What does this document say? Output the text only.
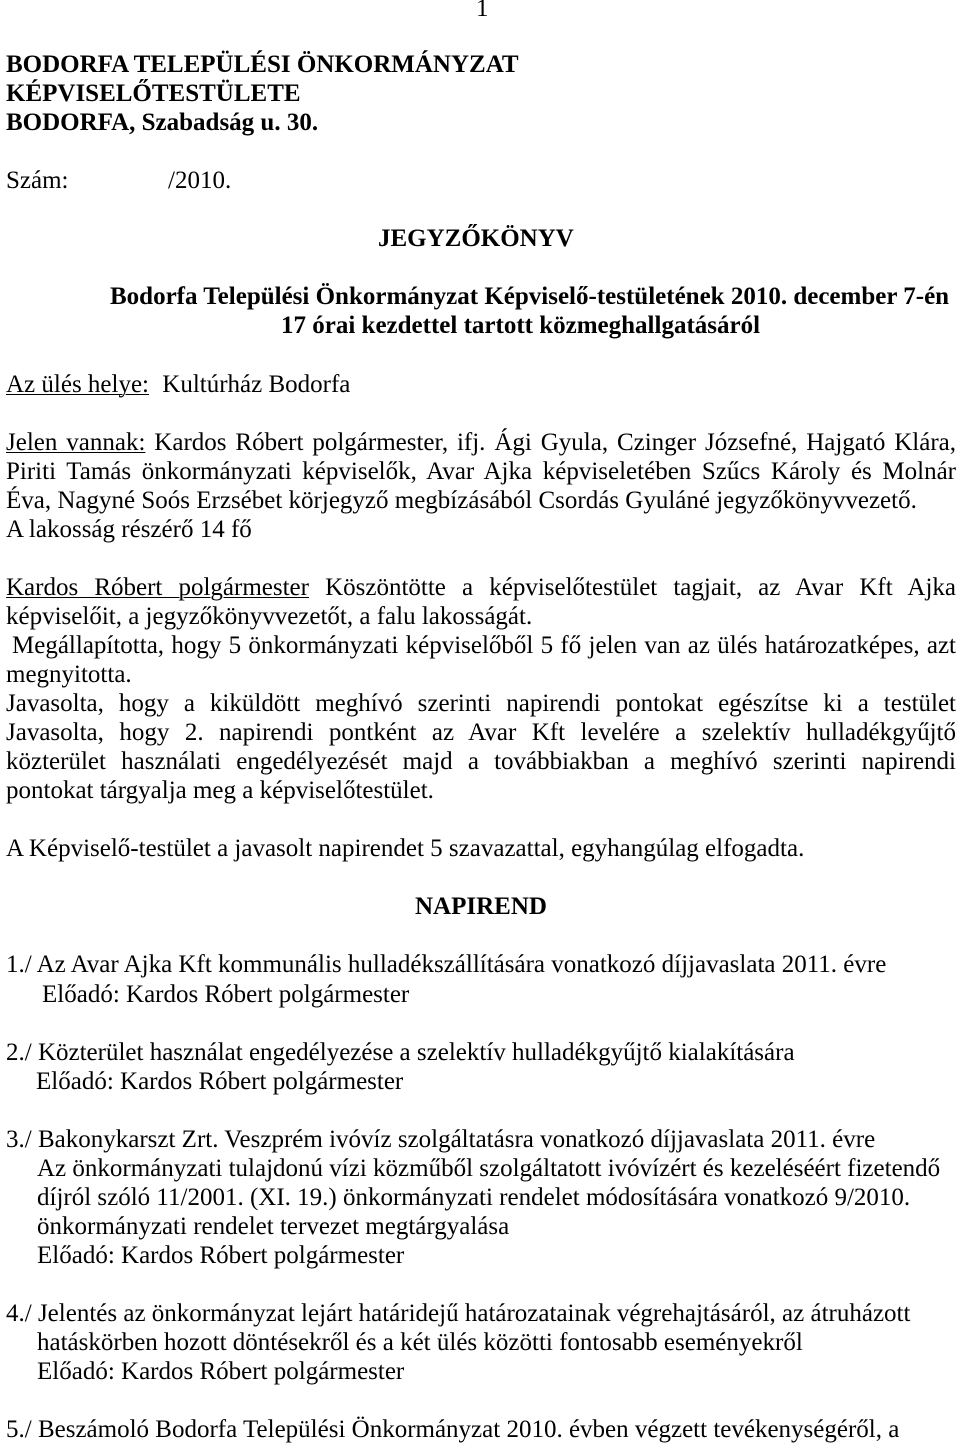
1
BODORFA TELEPÜLÉSI ÖNKORMÁNYZAT
KÉPVISELŐTESTÜLETE
BODORFA, Szabadság u. 30.
Szám:	/2010.
JEGYZŐKÖNYV
Bodorfa Települési Önkormányzat Képviselő-testületének 2010. december 7-én
17 órai kezdettel tartott közmeghallgatásáról
Az ülés helye: Kultúrház Bodorfa
Jelen vannak: Kardos Róbert polgármester, ifj. Ági Gyula, Czinger Józsefné, Hajgató Klára,
Piriti Tamás önkormányzati képviselők, Avar Ajka képviseletében Szűcs Károly és Molnár
Éva, Nagyné Soós Erzsébet körjegyző megbízásából Csordás Gyuláné jegyzőkönyvvezető.
A lakosság részérő 14 fő
Kardos Róbert polgármester Köszöntötte a képviselőtestület tagjait, az Avar Kft Ajka
képviselőit, a jegyzőkönyvvezetőt, a falu lakosságát.
Megállapította, hogy 5 önkormányzati képviselőből 5 fő jelen van az ülés határozatképes, azt
megnyitotta.
Javasolta, hogy a kiküldött meghívó szerinti napirendi pontokat egészítse ki a testület
Javasolta, hogy 2. napirendi pontként az Avar Kft levelére a szelektív hulladékgyűjtő
közterület használati engedélyezését majd a továbbiakban a meghívó szerinti napirendi
pontokat tárgyalja meg a képviselőtestület.
A Képviselő-testület a javasolt napirendet 5 szavazattal, egyhangúlag elfogadta.
NAPIREND
1./ Az Avar Ajka Kft kommunális hulladékszállítására vonatkozó díjjavaslata 2011. évre
Előadó: Kardos Róbert polgármester
2./ Közterület használat engedélyezése a szelektív hulladékgyűjtő kialakítására
Előadó: Kardos Róbert polgármester
3./ Bakonykarszt Zrt. Veszprém ivóvíz szolgáltatásra vonatkozó díjjavaslata 2011. évre
Az önkormányzati tulajdonú vízi közműből szolgáltatott ivóvízért és kezeléséért fizetendő
díjról szóló 11/2001. (XI. 19.) önkormányzati rendelet módosítására vonatkozó 9/2010.
önkormányzati rendelet tervezet megtárgyalása
Előadó: Kardos Róbert polgármester
4./ Jelentés az önkormányzat lejárt határidejű határozatainak végrehajtásáról, az átruházott
hatáskörben hozott döntésekről és a két ülés közötti fontosabb eseményekről
Előadó: Kardos Róbert polgármester
5./ Beszámoló Bodorfa Települési Önkormányzat 2010. évben végzett tevékenységéről, a
